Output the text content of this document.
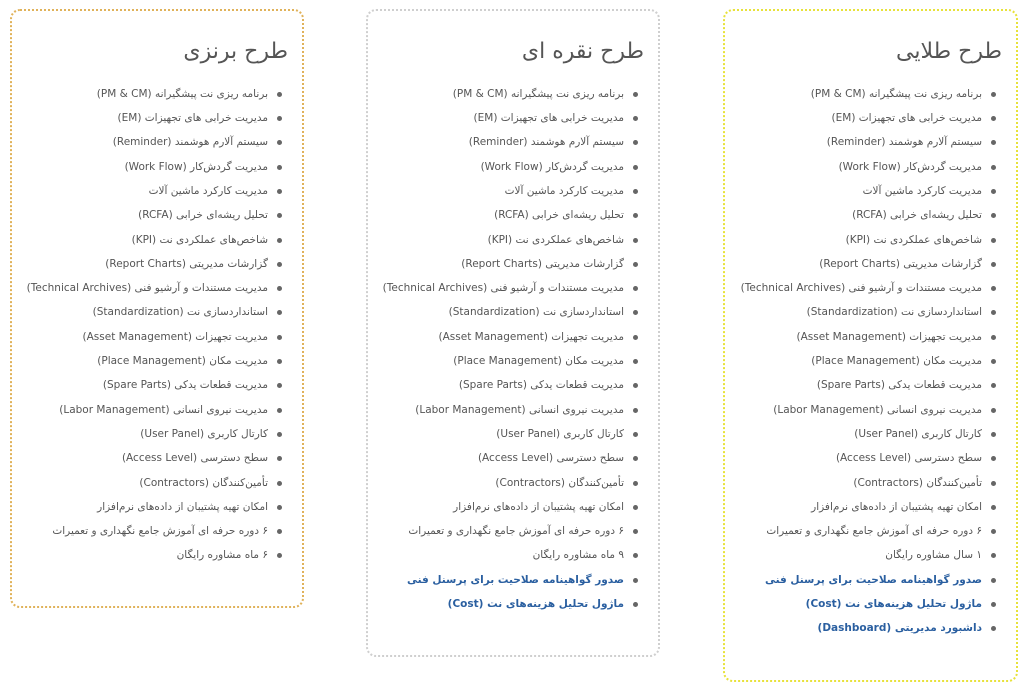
طرح برنزی
برنامه ریزی نت پیشگیرانه (PM & CM)
مدیریت خرابی های تجهیزات (EM)
سیستم آلارم هوشمند (Reminder)
مدیریت گردش‌کار (Work Flow)
مدیریت کارکرد ماشین آلات
تحلیل ریشه‌ای خرابی (RCFA)
شاخص‌های عملکردی نت (KPI)
گزارشات مدیریتی (Report Charts)
مدیریت مستندات و آرشیو فنی (Technical Archives)
استانداردسازی نت (Standardization)
مدیریت تجهیزات (Asset Management)
مدیریت مکان (Place Management)
مدیریت قطعات یدکی (Spare Parts)
مدیریت نیروی انسانی (Labor Management)
کارتال کاربری (User Panel)
سطح دسترسی (Access Level)
تأمین‌کنندگان (Contractors)
امکان تهیه پشتیبان از داده‌های نرم‌افزار
۶ دوره حرفه ای آموزش جامع نگهداری و تعمیرات
۶ ماه مشاوره رایگان
طرح نقره ای
برنامه ریزی نت پیشگیرانه (PM & CM)
مدیریت خرابی های تجهیزات (EM)
سیستم آلارم هوشمند (Reminder)
مدیریت گردش‌کار (Work Flow)
مدیریت کارکرد ماشین آلات
تحلیل ریشه‌ای خرابی (RCFA)
شاخص‌های عملکردی نت (KPI)
گزارشات مدیریتی (Report Charts)
مدیریت مستندات و آرشیو فنی (Technical Archives)
استانداردسازی نت (Standardization)
مدیریت تجهیزات (Asset Management)
مدیریت مکان (Place Management)
مدیریت قطعات یدکی (Spare Parts)
مدیریت نیروی انسانی (Labor Management)
کارتال کاربری (User Panel)
سطح دسترسی (Access Level)
تأمین‌کنندگان (Contractors)
امکان تهیه پشتیبان از داده‌های نرم‌افزار
۶ دوره حرفه ای آموزش جامع نگهداری و تعمیرات
۹ ماه مشاوره رایگان
صدور گواهینامه صلاحیت برای پرسنل فنی
ماژول تحلیل هزینه‌های نت (Cost)
طرح طلایی
برنامه ریزی نت پیشگیرانه (PM & CM)
مدیریت خرابی های تجهیزات (EM)
سیستم آلارم هوشمند (Reminder)
مدیریت گردش‌کار (Work Flow)
مدیریت کارکرد ماشین آلات
تحلیل ریشه‌ای خرابی (RCFA)
شاخص‌های عملکردی نت (KPI)
گزارشات مدیریتی (Report Charts)
مدیریت مستندات و آرشیو فنی (Technical Archives)
استانداردسازی نت (Standardization)
مدیریت تجهیزات (Asset Management)
مدیریت مکان (Place Management)
مدیریت قطعات یدکی (Spare Parts)
مدیریت نیروی انسانی (Labor Management)
کارتال کاربری (User Panel)
سطح دسترسی (Access Level)
تأمین‌کنندگان (Contractors)
امکان تهیه پشتیبان از داده‌های نرم‌افزار
۶ دوره حرفه ای آموزش جامع نگهداری و تعمیرات
۱ سال مشاوره رایگان
صدور گواهینامه صلاحیت برای پرسنل فنی
ماژول تحلیل هزینه‌های نت (Cost)
داشبورد مدیریتی (Dashboard)
